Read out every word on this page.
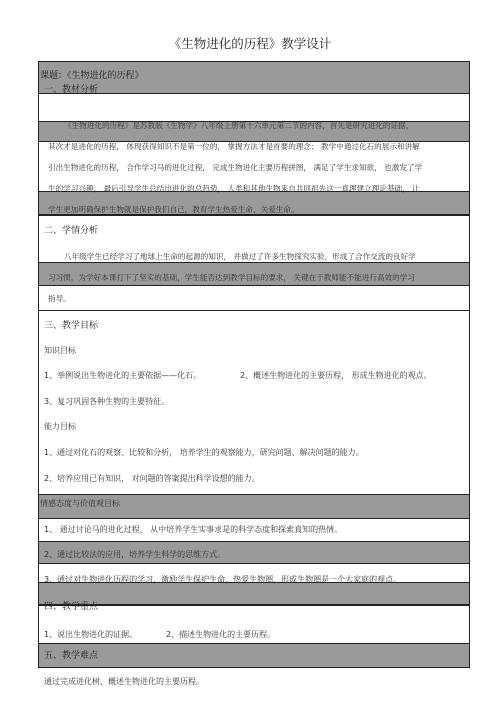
《生物进化的历程》教学设计
课题：《生物进化的历程》
一、教材分析
《生物进化的历程》是苏教版《生物学》八年级上册第十六单元第二节的内容，首先是研究进化的证据，
其次才是进化的历程， 体现获得知识不是第一位的， 掌握方法才是首要的理念； 教学中通过化石的展示和讲解
引出生物进化的历程， 合作学习马的进化过程， 完成生物进化主要历程拼图， 满足了学生求知欲， 也激发了学
生的学习兴趣， 最后引导学生总结出进化的总趋势， 人类和其他生物来自共同祖先这一真理建立理论基础， 让
学生更加明确保护生物就是保护我们自己，教育学生热爱生命、关爱生命。
二、学情分析
八年级学生已经学习了地球上生命的起源的知识， 并做过了许多生物探究实验，形成了合作交流的良好学
习习惯，为学好本课打下了坚实的基础，学生能否达到教学目标的要求， 关键在于教师能不能进行高效的学习
指导。
三、教学目标
知识目标
1、举例说出生物进化的主要依据——化石。	2、概述生物进化的主要历程， 形成生物进化的观点。
3、复习巩固各种生物的主要特征。
能力目标
1、通过对化石的观察、比较和分析， 培养学生的观察能力，研究问题、解决问题的能力。
2、培养应用已有知识， 对问题的答案提出科学设想的能力。
情感态度与价值观目标
1、 通过讨论马的进化过程， 从中培养学生实事求是的科学态度和探索真知的热情。
2、通过比较法的应用，培养学生科学的思维方式。
3、通过对生物进化历程的学习，激励学生保护生命，热爱生物圈，形成生物圈是一个大家庭的观点。
四、教学重点
1、说出生物进化的证据。	2、描述生物进化的主要历程。
五、教学难点
通过完成进化树，概述生物进化的主要历程。
